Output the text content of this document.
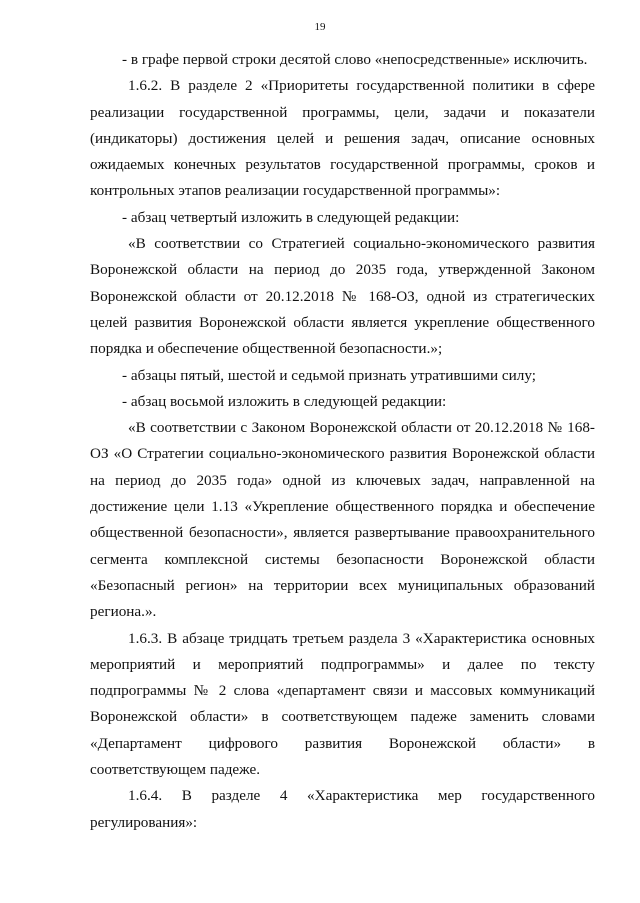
19

- в графе первой строки десятой слово «непосредственные» исключить.

1.6.2. В разделе 2 «Приоритеты государственной политики в сфере реализации государственной программы, цели, задачи и показатели (индикаторы) достижения целей и решения задач, описание основных ожидаемых конечных результатов государственной программы, сроков и контрольных этапов реализации государственной программы»:

- абзац четвертый изложить в следующей редакции:

«В соответствии со Стратегией социально-экономического развития Воронежской области на период до 2035 года, утвержденной Законом Воронежской области от 20.12.2018 № 168-ОЗ, одной из стратегических целей развития Воронежской области является укрепление общественного порядка и обеспечение общественной безопасности.»;

- абзацы пятый, шестой и седьмой признать утратившими силу;

- абзац восьмой изложить в следующей редакции:

«В соответствии с Законом Воронежской области от 20.12.2018 № 168-ОЗ «О Стратегии социально-экономического развития Воронежской области на период до 2035 года» одной из ключевых задач, направленной на достижение цели 1.13 «Укрепление общественного порядка и обеспечение общественной безопасности», является развертывание правоохранительного сегмента комплексной системы безопасности Воронежской области «Безопасный регион» на территории всех муниципальных образований региона.».

1.6.3. В абзаце тридцать третьем раздела 3 «Характеристика основных мероприятий и мероприятий подпрограммы» и далее по тексту подпрограммы № 2 слова «департамент связи и массовых коммуникаций Воронежской области» в соответствующем падеже заменить словами «Департамент цифрового развития Воронежской области» в соответствующем падеже.

1.6.4. В разделе 4 «Характеристика мер государственного регулирования»:
